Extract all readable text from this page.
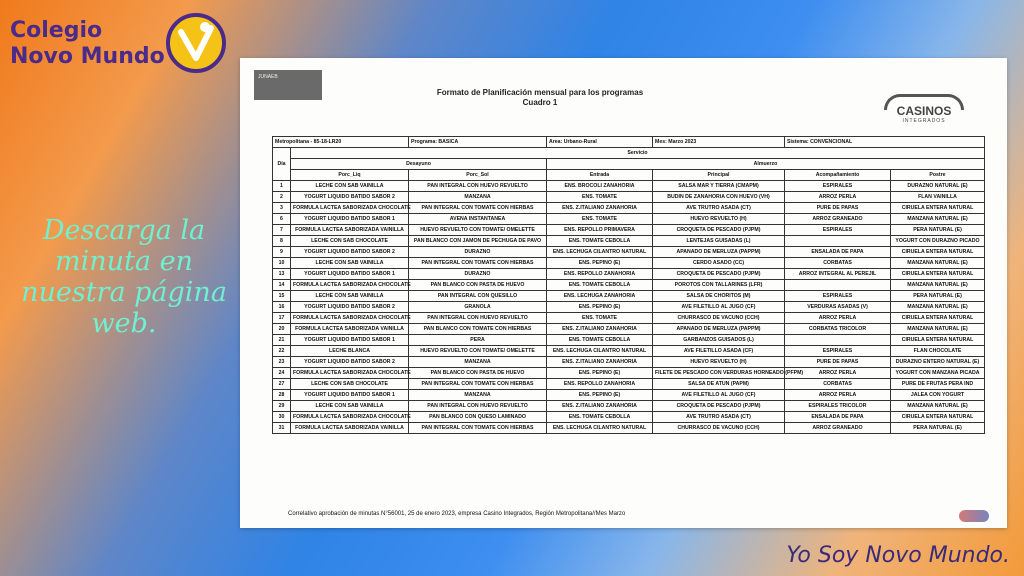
Colegio
Novo Mundo
Descarga la minuta en nuestra página web.
Yo Soy Novo Mundo.
JUNAEB
Formato de Planificación mensual para los programas
Cuadro 1
CASINOS
INTEGRADOS
Metropolitana - 85-18-LR20		Programa: BASICA	Area: Urbano-Rural	Mes: Marzo 2023	Sistema: CONVENCIONAL	
Día	Servicio					
	Desayuno		Almuerzo			
	Porc_Liq	Porc_Sol	Entrada	Principal	Acompañamiento	Postre
1	LECHE CON SAB VAINILLA	PAN INTEGRAL CON HUEVO REVUELTO	ENS. BROCOLI ZANAHORIA	SALSA MAR Y TIERRA (CMAPM)	ESPIRALES	DURAZNO NATURAL (E)
2	YOGURT LIQUIDO BATIDO SABOR 2	MANZANA	ENS. TOMATE	BUDIN DE ZANAHORIA CON HUEVO (VH)	ARROZ PERLA	FLAN VAINILLA
3	FORMULA LACTEA SABORIZADA CHOCOLATE	PAN INTEGRAL CON TOMATE CON HIERBAS	ENS. Z.ITALIANO ZANAHORIA	AVE TRUTRO ASADA (CT)	PURE DE PAPAS	CIRUELA ENTERA NATURAL
6	YOGURT LIQUIDO BATIDO SABOR 1	AVENA INSTANTANEA	ENS. TOMATE	HUEVO REVUELTO (H)	ARROZ GRANEADO	MANZANA NATURAL (E)
7	FORMULA LACTEA SABORIZADA VAINILLA	HUEVO REVUELTO CON TOMATE/ OMELETTE	ENS. REPOLLO PRIMAVERA	CROQUETA DE PESCADO (PJPM)	ESPIRALES	PERA NATURAL (E)
8	LECHE CON SAB CHOCOLATE	PAN BLANCO CON JAMON DE PECHUGA DE PAVO	ENS. TOMATE CEBOLLA	LENTEJAS GUISADAS (L)		YOGURT CON DURAZNO PICADO
9	YOGURT LIQUIDO BATIDO SABOR 2	DURAZNO	ENS. LECHUGA CILANTRO NATURAL	APANADO DE MERLUZA (PAPPM)	ENSALADA DE PAPA	CIRUELA ENTERA NATURAL
10	LECHE CON SAB VAINILLA	PAN INTEGRAL CON TOMATE CON HIERBAS	ENS. PEPINO (E)	CERDO ASADO (CC)	CORBATAS	MANZANA NATURAL (E)
13	YOGURT LIQUIDO BATIDO SABOR 1	DURAZNO	ENS. REPOLLO ZANAHORIA	CROQUETA DE PESCADO (PJPM)	ARROZ INTEGRAL AL PEREJIL	CIRUELA ENTERA NATURAL
14	FORMULA LACTEA SABORIZADA CHOCOLATE	PAN BLANCO CON PASTA DE HUEVO	ENS. TOMATE CEBOLLA	POROTOS CON TALLARINES (LFR)		MANZANA NATURAL (E)
15	LECHE CON SAB VAINILLA	PAN INTEGRAL CON QUESILLO	ENS. LECHUGA ZANAHORIA	SALSA DE CHORITOS (M)	ESPIRALES	PERA NATURAL (E)
16	YOGURT LIQUIDO BATIDO SABOR 2	GRANOLA	ENS. PEPINO (E)	AVE FILETILLO AL JUGO (CF)	VERDURAS ASADAS (V)	MANZANA NATURAL (E)
17	FORMULA LACTEA SABORIZADA CHOCOLATE	PAN INTEGRAL CON HUEVO REVUELTO	ENS. TOMATE	CHURRASCO DE VACUNO (CCH)	ARROZ PERLA	CIRUELA ENTERA NATURAL
20	FORMULA LACTEA SABORIZADA VAINILLA	PAN BLANCO CON TOMATE CON HIERBAS	ENS. Z.ITALIANO ZANAHORIA	APANADO DE MERLUZA (PAPPM)	CORBATAS TRICOLOR	MANZANA NATURAL (E)
21	YOGURT LIQUIDO BATIDO SABOR 1	PERA	ENS. TOMATE CEBOLLA	GARBANZOS GUISADOS (L)		CIRUELA ENTERA NATURAL
22	LECHE BLANCA	HUEVO REVUELTO CON TOMATE/ OMELETTE	ENS. LECHUGA CILANTRO NATURAL	AVE FILETILLO ASADA (CF)	ESPIRALES	FLAN CHOCOLATE
23	YOGURT LIQUIDO BATIDO SABOR 2	MANZANA	ENS. Z.ITALIANO ZANAHORIA	HUEVO REVUELTO (H)	PURE DE PAPAS	DURAZNO ENTERO NATURAL (E)
24	FORMULA LACTEA SABORIZADA CHOCOLATE	PAN BLANCO CON PASTA DE HUEVO	ENS. PEPINO (E)	FILETE DE PESCADO CON VERDURAS HORNEADO (PFPM)	ARROZ PERLA	YOGURT CON MANZANA PICADA
27	LECHE CON SAB CHOCOLATE	PAN INTEGRAL CON TOMATE CON HIERBAS	ENS. REPOLLO ZANAHORIA	SALSA DE ATUN (PAPM)	CORBATAS	PURE DE FRUTAS PERA IND
28	YOGURT LIQUIDO BATIDO SABOR 1	MANZANA	ENS. PEPINO (E)	AVE FILETILLO AL JUGO (CF)	ARROZ PERLA	JALEA CON YOGURT
29	LECHE CON SAB VAINILLA	PAN INTEGRAL CON HUEVO REVUELTO	ENS. Z.ITALIANO ZANAHORIA	CROQUETA DE PESCADO (PJPM)	ESPIRALES TRICOLOR	MANZANA NATURAL (E)
30	FORMULA LACTEA SABORIZADA CHOCOLATE	PAN BLANCO CON QUESO LAMINADO	ENS. TOMATE CEBOLLA	AVE TRUTRO ASADA (CT)	ENSALADA DE PAPA	CIRUELA ENTERA NATURAL
31	FORMULA LACTEA SABORIZADA VAINILLA	PAN INTEGRAL CON TOMATE CON HIERBAS	ENS. LECHUGA CILANTRO NATURAL	CHURRASCO DE VACUNO (CCH)	ARROZ GRANEADO	PERA NATURAL (E)
Correlativo aprobación de minutas N°56001, 25 de enero 2023, empresa Casino Integrados, Región Metropolitana//Mes Marzo
